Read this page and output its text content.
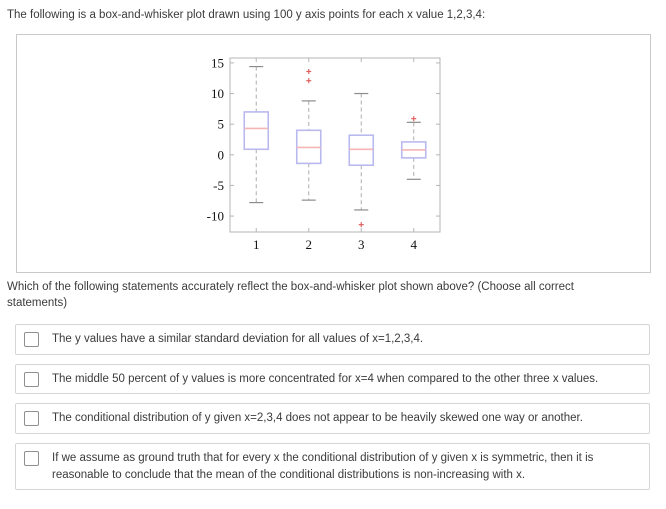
The following is a box-and-whisker plot drawn using 100 y axis points for each x value 1,2,3,4:

-10
-5
0
5
10
15
1	2	3	4

Which of the following statements accurately reflect the box-and-whisker plot shown above? (Choose all correct statements)

The y values have a similar standard deviation for all values of x=1,2,3,4.
The middle 50 percent of y values is more concentrated for x=4 when compared to the other three x values.
The conditional distribution of y given x=2,3,4 does not appear to be heavily skewed one way or another.
If we assume as ground truth that for every x the conditional distribution of y given x is symmetric, then it is reasonable to conclude that the mean of the conditional distributions is non-increasing with x.
